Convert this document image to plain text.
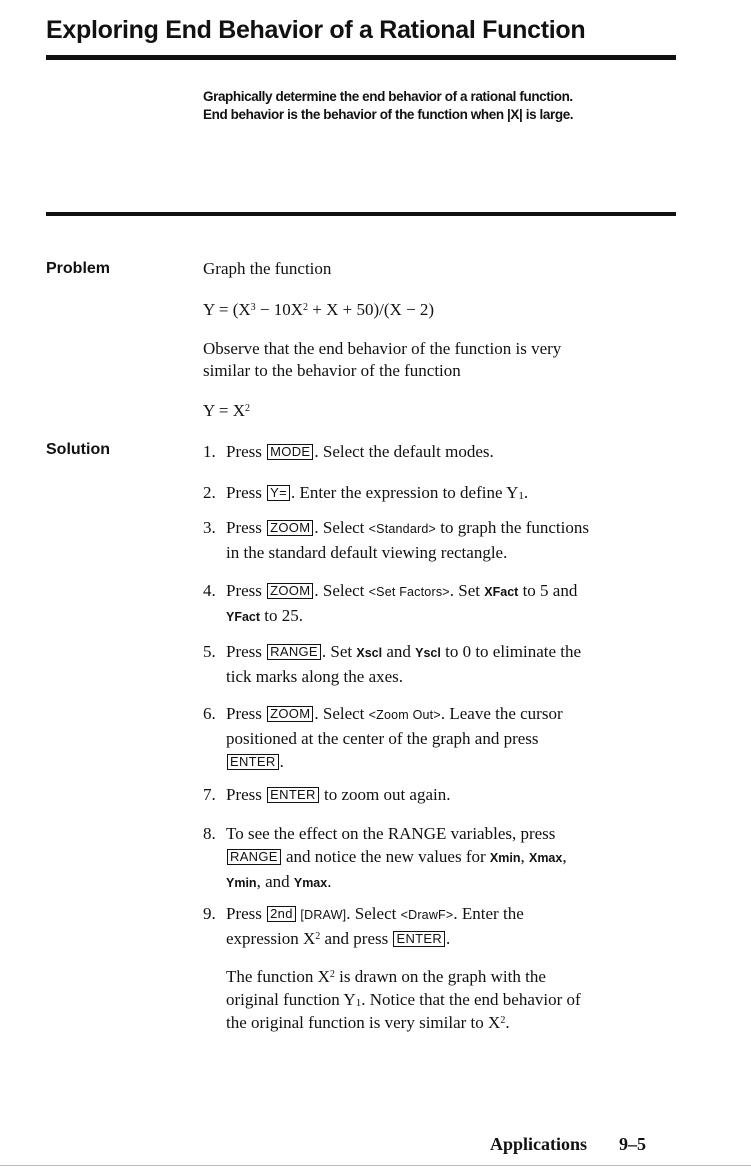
Exploring End Behavior of a Rational Function
Graphically determine the end behavior of a rational function.
End behavior is the behavior of the function when |X| is large.
Problem	Graph the function
$Y = (X^3 - 10X^2 + X + 50)/(X - 2)$
Observe that the end behavior of the function is very
similar to the behavior of the function
$Y = X^2$
Solution	1. Press MODE . Select the default modes.
2. Press Y= . Enter the expression to define $Y_1$.
3. Press ZOOM . Select <Standard> to graph the functions
in the standard default viewing rectangle.
4. Press ZOOM . Select <Set Factors>. Set XFact to 5 and
YFact to 25.
5. Press RANGE . Set Xscl and Yscl to 0 to eliminate the
tick marks along the axes.
6. Press ZOOM . Select <Zoom Out>. Leave the cursor
positioned at the center of the graph and press
ENTER .
7. Press ENTER to zoom out again.
8. To see the effect on the RANGE variables, press
RANGE and notice the new values for Xmin, Xmax,
Ymin, and Ymax.
9. Press 2nd [DRAW]. Select <DrawF>. Enter the
expression $X^2$ and press ENTER .
The function $X^2$ is drawn on the graph with the
original function $Y_1$. Notice that the end behavior of
the original function is very similar to $X^2$.
Applications 9–5
